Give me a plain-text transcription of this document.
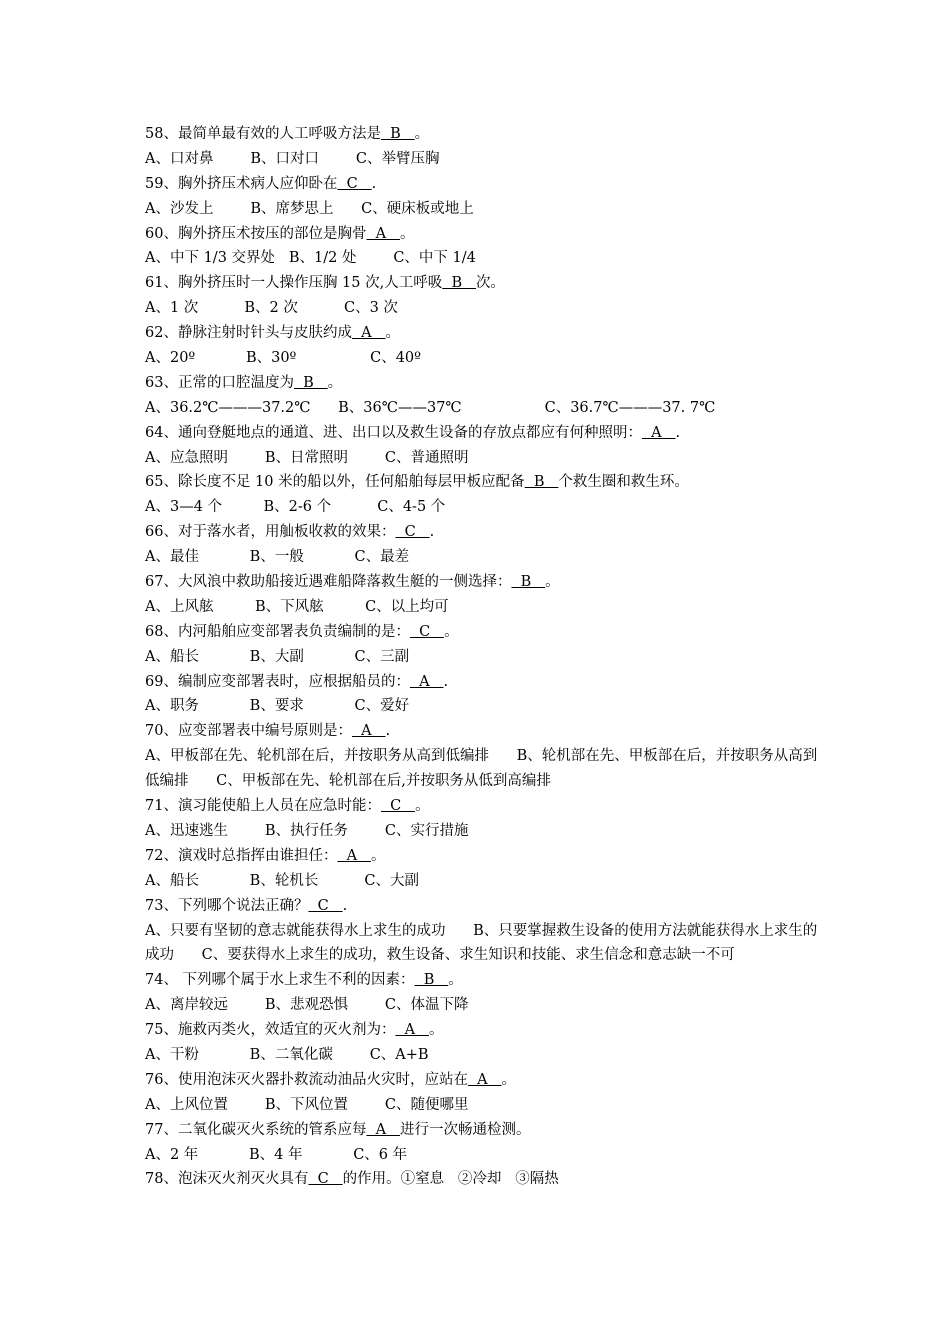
58、最简单最有效的人工呼吸方法是  B   。
A、口对鼻        B、口对口        C、举臂压胸
59、胸外挤压术病人应仰卧在  C   .
A、沙发上        B、席梦思上      C、硬床板或地上
60、胸外挤压术按压的部位是胸骨  A   。
A、中下 1/3 交界处   B、1/2 处        C、中下 1/4
61、胸外挤压时一人操作压胸 15 次,人工呼吸  B   次。
A、1 次          B、2 次          C、3 次
62、静脉注射时针头与皮肤约成  A   。
A、20º           B、30º                C、40º
63、正常的口腔温度为  B   。
A、36.2℃———37.2℃      B、36℃——37℃                  C、36.7℃———37. 7℃
64、通向登艇地点的通道、进、出口以及救生设备的存放点都应有何种照明：  A   .
A、应急照明        B、日常照明        C、普通照明
65、除长度不足 10 米的船以外，任何船舶每层甲板应配备  B   个救生圈和救生环。
A、3—4 个         B、2-6 个          C、4-5 个
66、对于落水者，用舢板收救的效果：  C   .
A、最佳           B、一般           C、最差
67、大风浪中救助船接近遇难船降落救生艇的一侧选择：  B   。
A、上风舷         B、下风舷         C、以上均可
68、内河船舶应变部署表负责编制的是：  C   。
A、船长           B、大副           C、三副
69、编制应变部署表时，应根据船员的：  A   .
A、职务           B、要求           C、爱好
70、应变部署表中编号原则是：  A   .
A、甲板部在先、轮机部在后，并按职务从高到低编排      B、轮机部在先、甲板部在后，并按职务从高到低编排      C、甲板部在先、轮机部在后,并按职务从低到高编排
71、演习能使船上人员在应急时能：  C   。
A、迅速逃生        B、执行任务        C、实行措施
72、演戏时总指挥由谁担任：  A   。
A、船长           B、轮机长          C、大副
73、下列哪个说法正确？  C   .
A、只要有坚韧的意志就能获得水上求生的成功      B、只要掌握救生设备的使用方法就能获得水上求生的成功      C、要获得水上求生的成功，救生设备、求生知识和技能、求生信念和意志缺一不可
74、 下列哪个属于水上求生不利的因素：  B   。
A、离岸较远        B、悲观恐惧        C、体温下降
75、施救丙类火，效适宜的灭火剂为：  A   。
A、干粉           B、二氧化碳        C、A+B
76、使用泡沫灭火器扑救流动油品火灾时，应站在  A   。
A、上风位置        B、下风位置        C、随便哪里
77、二氧化碳灭火系统的管系应每  A   进行一次畅通检测。
A、2 年           B、4 年           C、6 年
78、泡沫灭火剂灭火具有  C   的作用。①窒息   ②冷却   ③隔热
